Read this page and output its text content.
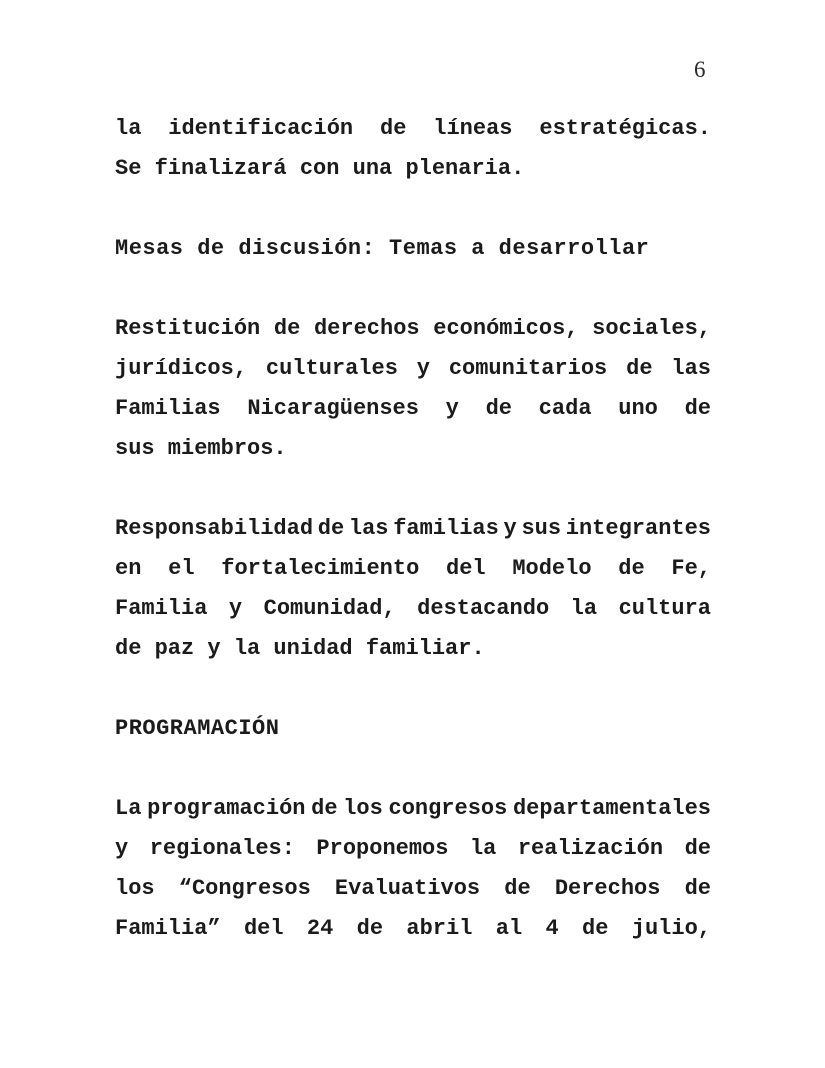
6
la identificación de líneas estratégicas.
Se finalizará con una plenaria.
Mesas de discusión: Temas a desarrollar
Restitución de derechos económicos, sociales,
jurídicos, culturales y comunitarios de las
Familias Nicaragüenses y de cada uno de
sus miembros.
Responsabilidad de las familias y sus integrantes
en el fortalecimiento del Modelo de Fe,
Familia y Comunidad, destacando la cultura
de paz y la unidad familiar.
PROGRAMACIÓN
La programación de los congresos departamentales
y regionales: Proponemos la realización de
los “Congresos Evaluativos de Derechos de
Familia” del 24 de abril al 4 de julio,
